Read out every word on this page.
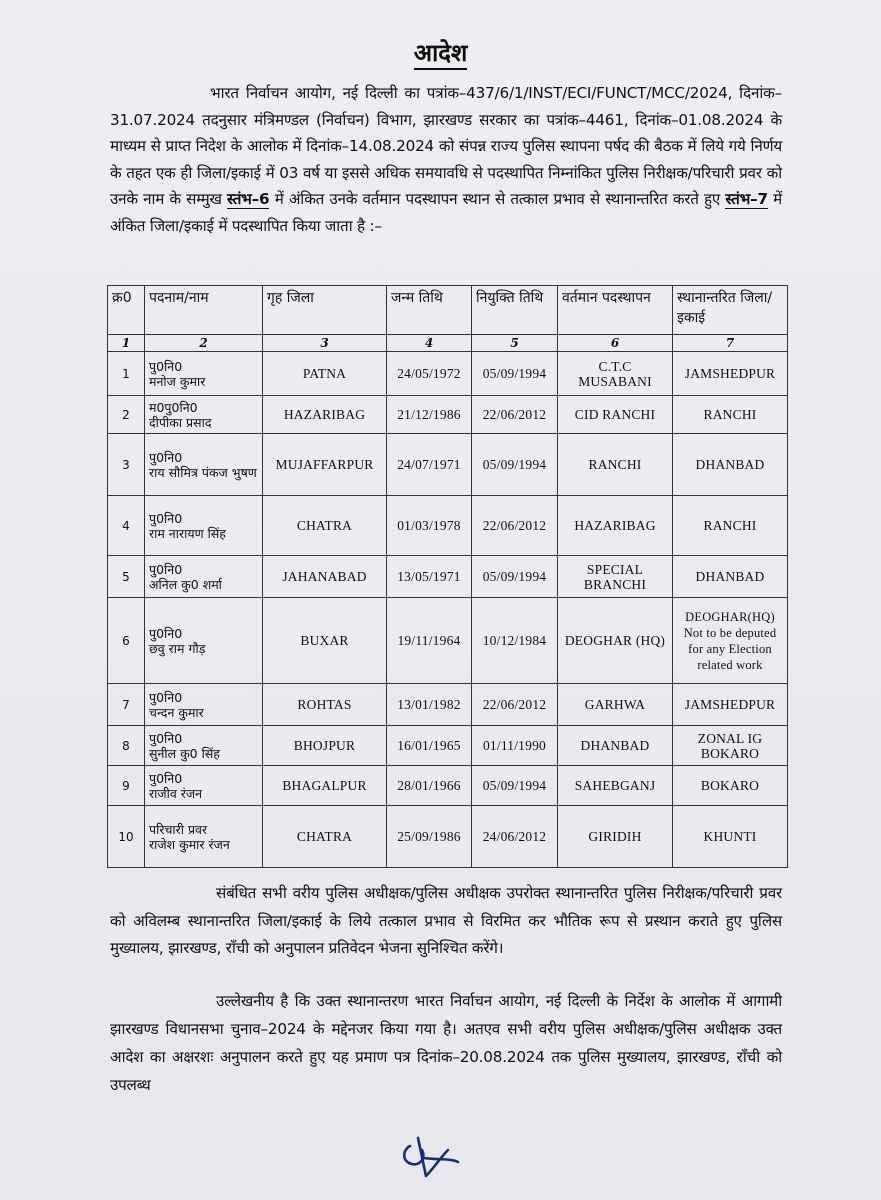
आदेश
भारत निर्वाचन आयोग, नई दिल्ली का पत्रांक–437/6/1/INST/ECI/FUNCT/MCC/2024, दिनांक–31.07.2024 तदनुसार मंत्रिमण्डल (निर्वाचन) विभाग, झारखण्ड सरकार का पत्रांक–4461, दिनांक–01.08.2024 के माध्यम से प्राप्त निदेश के आलोक में दिनांक–14.08.2024 को संपन्न राज्य पुलिस स्थापना पर्षद की बैठक में लिये गये निर्णय के तहत एक ही जिला/इकाई में 03 वर्ष या इससे अधिक समयावधि से पदस्थापित निम्नांकित पुलिस निरीक्षक/परिचारी प्रवर को उनके नाम के सम्मुख स्तंभ–6 में अंकित उनके वर्तमान पदस्थापन स्थान से तत्काल प्रभाव से स्थानान्तरित करते हुए स्तंभ–7 में अंकित जिला/इकाई में पदस्थापित किया जाता है :–
क्र0	पदनाम/नाम	गृह जिला	जन्म तिथि	नियुक्ति तिथि	वर्तमान पदस्थापन	स्थानान्तरित जिला/इकाई
1	2	3	4	5	6	7
1	पु0नि0
मनोज कुमार	PATNA	24/05/1972	05/09/1994	C.T.C MUSABANI	JAMSHEDPUR
2	म0पु0नि0
दीपीका प्रसाद	HAZARIBAG	21/12/1986	22/06/2012	CID RANCHI	RANCHI
3	पु0नि0
राय सौमित्र पंकज भुषण	MUJAFFARPUR	24/07/1971	05/09/1994	RANCHI	DHANBAD
4	पु0नि0
राम नारायण सिंह	CHATRA	01/03/1978	22/06/2012	HAZARIBAG	RANCHI
5	पु0नि0
अनिल कु0 शर्मा	JAHANABAD	13/05/1971	05/09/1994	SPECIAL BRANCHI	DHANBAD
6	पु0नि0
छवु राम गौड़	BUXAR	19/11/1964	10/12/1984	DEOGHAR (HQ)	DEOGHAR(HQ) Not to be deputed for any Election related work
7	पु0नि0
चन्दन कुमार	ROHTAS	13/01/1982	22/06/2012	GARHWA	JAMSHEDPUR
8	पु0नि0
सुनील कु0 सिंह	BHOJPUR	16/01/1965	01/11/1990	DHANBAD	ZONAL IG BOKARO
9	पु0नि0
राजीव रंजन	BHAGALPUR	28/01/1966	05/09/1994	SAHEBGANJ	BOKARO
10	परिचारी प्रवर
राजेश कुमार रंजन	CHATRA	25/09/1986	24/06/2012	GIRIDIH	KHUNTI
संबंधित सभी वरीय पुलिस अधीक्षक/पुलिस अधीक्षक उपरोक्त स्थानान्तरित पुलिस निरीक्षक/परिचारी प्रवर को अविलम्ब स्थानान्तरित जिला/इकाई के लिये तत्काल प्रभाव से विरमित कर भौतिक रूप से प्रस्थान कराते हुए पुलिस मुख्यालय, झारखण्ड, राँची को अनुपालन प्रतिवेदन भेजना सुनिश्चित करेंगे।
उल्लेखनीय है कि उक्त स्थानान्तरण भारत निर्वाचन आयोग, नई दिल्ली के निर्देश के आलोक में आगामी झारखण्ड विधानसभा चुनाव–2024 के मद्देनजर किया गया है। अतएव सभी वरीय पुलिस अधीक्षक/पुलिस अधीक्षक उक्त आदेश का अक्षरशः अनुपालन करते हुए यह प्रमाण पत्र दिनांक–20.08.2024 तक पुलिस मुख्यालय, झारखण्ड, राँची को उपलब्ध
